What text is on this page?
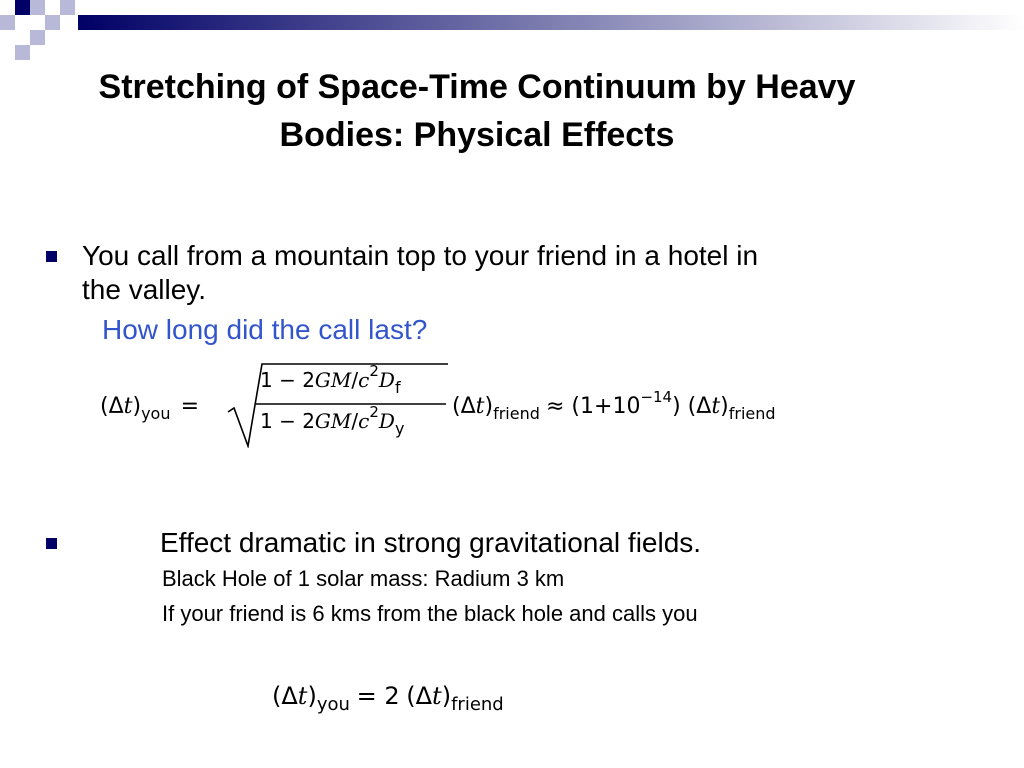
Stretching of Space-Time Continuum by Heavy
Bodies: Physical Effects
You call from a mountain top to your friend in a hotel in
the valley.
How long did the call last?
$(\Delta t)_{you}$ =
$1 - 2GM/c^2D_f$
$1 - 2GM/c^2D_y$
$(\Delta t)_{friend} \approx (1+10^{-14})$ $(\Delta t)_{friend}$
Effect dramatic in strong gravitational fields.
Black Hole of 1 solar mass: Radium 3 km
If your friend is 6 kms from the black hole and calls you
$(\Delta t)_{you} = 2$ $(\Delta t)_{friend}$
